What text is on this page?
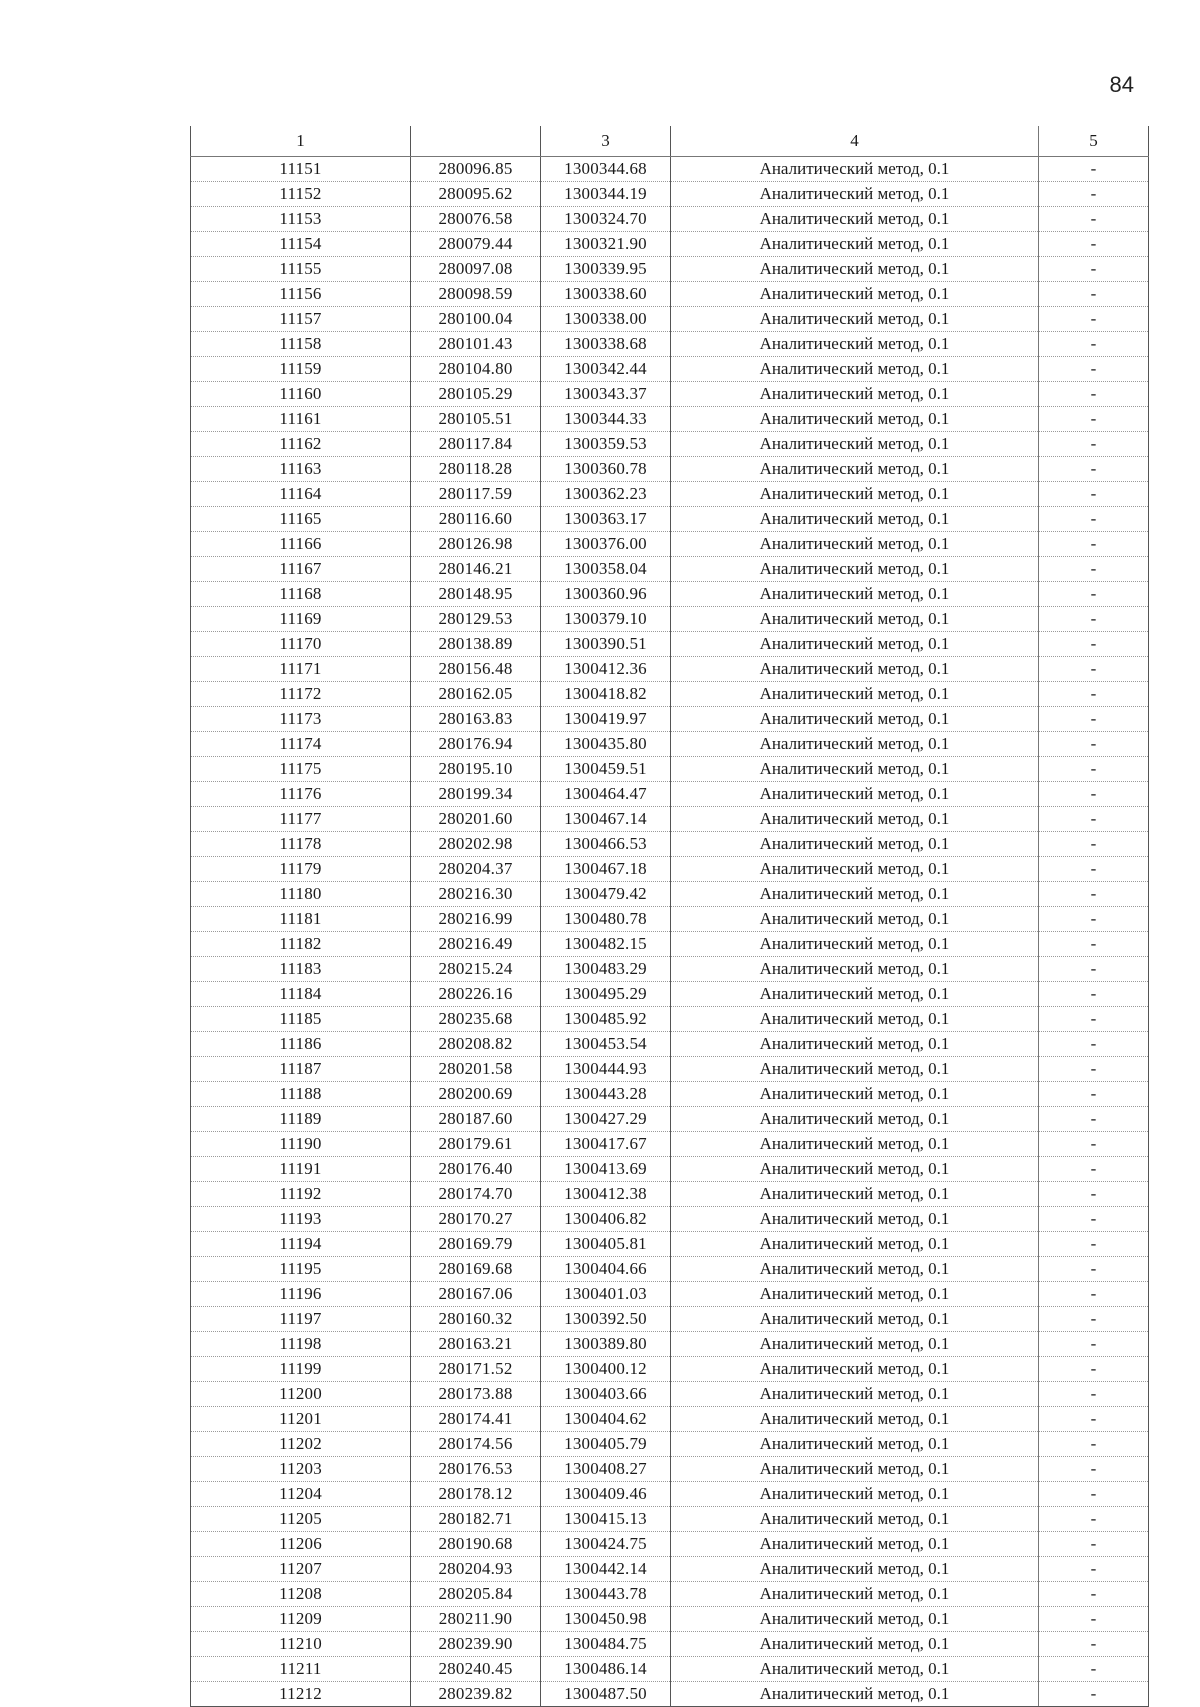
84
1		3	4	5
11151	280096.85	1300344.68	Аналитический метод, 0.1	-
11152	280095.62	1300344.19	Аналитический метод, 0.1	-
11153	280076.58	1300324.70	Аналитический метод, 0.1	-
11154	280079.44	1300321.90	Аналитический метод, 0.1	-
11155	280097.08	1300339.95	Аналитический метод, 0.1	-
11156	280098.59	1300338.60	Аналитический метод, 0.1	-
11157	280100.04	1300338.00	Аналитический метод, 0.1	-
11158	280101.43	1300338.68	Аналитический метод, 0.1	-
11159	280104.80	1300342.44	Аналитический метод, 0.1	-
11160	280105.29	1300343.37	Аналитический метод, 0.1	-
11161	280105.51	1300344.33	Аналитический метод, 0.1	-
11162	280117.84	1300359.53	Аналитический метод, 0.1	-
11163	280118.28	1300360.78	Аналитический метод, 0.1	-
11164	280117.59	1300362.23	Аналитический метод, 0.1	-
11165	280116.60	1300363.17	Аналитический метод, 0.1	-
11166	280126.98	1300376.00	Аналитический метод, 0.1	-
11167	280146.21	1300358.04	Аналитический метод, 0.1	-
11168	280148.95	1300360.96	Аналитический метод, 0.1	-
11169	280129.53	1300379.10	Аналитический метод, 0.1	-
11170	280138.89	1300390.51	Аналитический метод, 0.1	-
11171	280156.48	1300412.36	Аналитический метод, 0.1	-
11172	280162.05	1300418.82	Аналитический метод, 0.1	-
11173	280163.83	1300419.97	Аналитический метод, 0.1	-
11174	280176.94	1300435.80	Аналитический метод, 0.1	-
11175	280195.10	1300459.51	Аналитический метод, 0.1	-
11176	280199.34	1300464.47	Аналитический метод, 0.1	-
11177	280201.60	1300467.14	Аналитический метод, 0.1	-
11178	280202.98	1300466.53	Аналитический метод, 0.1	-
11179	280204.37	1300467.18	Аналитический метод, 0.1	-
11180	280216.30	1300479.42	Аналитический метод, 0.1	-
11181	280216.99	1300480.78	Аналитический метод, 0.1	-
11182	280216.49	1300482.15	Аналитический метод, 0.1	-
11183	280215.24	1300483.29	Аналитический метод, 0.1	-
11184	280226.16	1300495.29	Аналитический метод, 0.1	-
11185	280235.68	1300485.92	Аналитический метод, 0.1	-
11186	280208.82	1300453.54	Аналитический метод, 0.1	-
11187	280201.58	1300444.93	Аналитический метод, 0.1	-
11188	280200.69	1300443.28	Аналитический метод, 0.1	-
11189	280187.60	1300427.29	Аналитический метод, 0.1	-
11190	280179.61	1300417.67	Аналитический метод, 0.1	-
11191	280176.40	1300413.69	Аналитический метод, 0.1	-
11192	280174.70	1300412.38	Аналитический метод, 0.1	-
11193	280170.27	1300406.82	Аналитический метод, 0.1	-
11194	280169.79	1300405.81	Аналитический метод, 0.1	-
11195	280169.68	1300404.66	Аналитический метод, 0.1	-
11196	280167.06	1300401.03	Аналитический метод, 0.1	-
11197	280160.32	1300392.50	Аналитический метод, 0.1	-
11198	280163.21	1300389.80	Аналитический метод, 0.1	-
11199	280171.52	1300400.12	Аналитический метод, 0.1	-
11200	280173.88	1300403.66	Аналитический метод, 0.1	-
11201	280174.41	1300404.62	Аналитический метод, 0.1	-
11202	280174.56	1300405.79	Аналитический метод, 0.1	-
11203	280176.53	1300408.27	Аналитический метод, 0.1	-
11204	280178.12	1300409.46	Аналитический метод, 0.1	-
11205	280182.71	1300415.13	Аналитический метод, 0.1	-
11206	280190.68	1300424.75	Аналитический метод, 0.1	-
11207	280204.93	1300442.14	Аналитический метод, 0.1	-
11208	280205.84	1300443.78	Аналитический метод, 0.1	-
11209	280211.90	1300450.98	Аналитический метод, 0.1	-
11210	280239.90	1300484.75	Аналитический метод, 0.1	-
11211	280240.45	1300486.14	Аналитический метод, 0.1	-
11212	280239.82	1300487.50	Аналитический метод, 0.1	-
